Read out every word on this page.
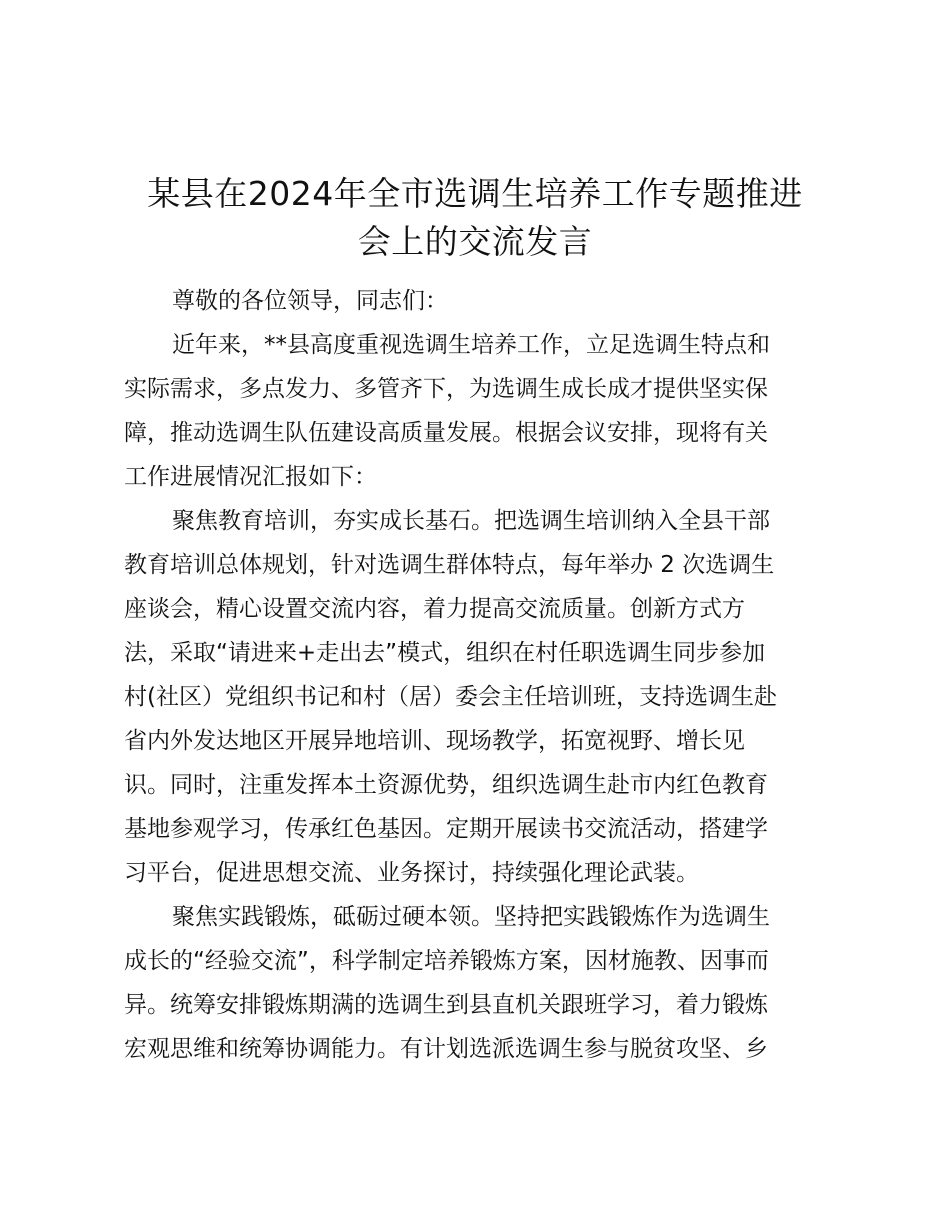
某县在2024年全市选调生培养工作专题推进
会上的交流发言

尊敬的各位领导，同志们：

近年来，**县高度重视选调生培养工作，立足选调生特点和
实际需求，多点发力、多管齐下，为选调生成长成才提供坚实保
障，推动选调生队伍建设高质量发展。根据会议安排，现将有关
工作进展情况汇报如下：

聚焦教育培训，夯实成长基石。把选调生培训纳入全县干部
教育培训总体规划，针对选调生群体特点，每年举办 2 次选调生
座谈会，精心设置交流内容，着力提高交流质量。创新方式方
法，采取“请进来+走出去”模式，组织在村任职选调生同步参加
村(社区）党组织书记和村（居）委会主任培训班，支持选调生赴
省内外发达地区开展异地培训、现场教学，拓宽视野、增长见
识。同时，注重发挥本土资源优势，组织选调生赴市内红色教育
基地参观学习，传承红色基因。定期开展读书交流活动，搭建学
习平台，促进思想交流、业务探讨，持续强化理论武装。

聚焦实践锻炼，砥砺过硬本领。坚持把实践锻炼作为选调生
成长的“经验交流”，科学制定培养锻炼方案，因材施教、因事而
异。统筹安排锻炼期满的选调生到县直机关跟班学习，着力锻炼
宏观思维和统筹协调能力。有计划选派选调生参与脱贫攻坚、乡
